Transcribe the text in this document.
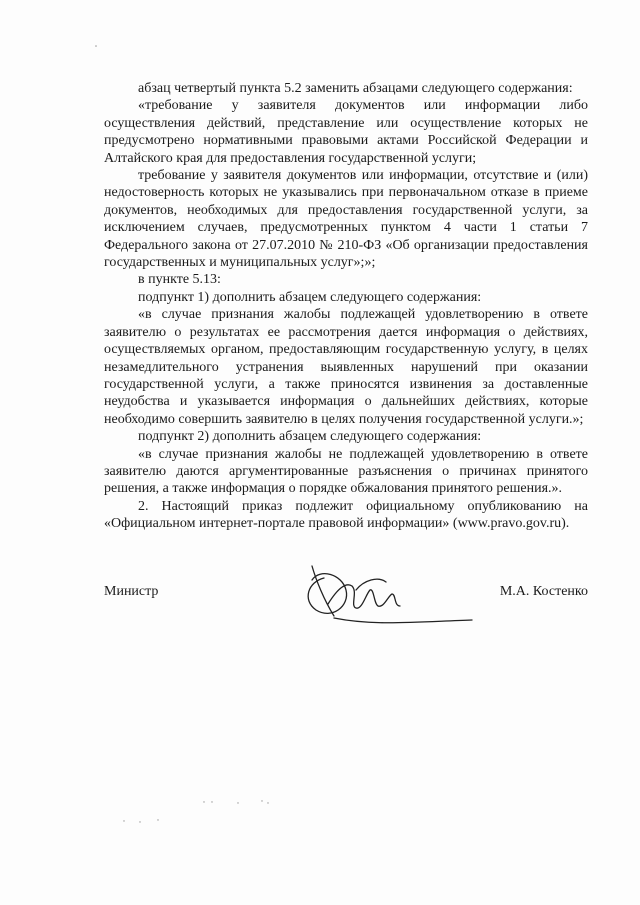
абзац четвертый пункта 5.2 заменить абзацами следующего содержания:

«требование у заявителя документов или информации либо осуществления действий, представление или осуществление которых не предусмотрено нормативными правовыми актами Российской Федерации и Алтайского края для предоставления государственной услуги;

требование у заявителя документов или информации, отсутствие и (или) недостоверность которых не указывались при первоначальном отказе в приеме документов, необходимых для предоставления государственной услуги, за исключением случаев, предусмотренных пунктом 4 части 1 статьи 7 Федерального закона от 27.07.2010 № 210-ФЗ «Об организации предоставления государственных и муниципальных услуг»;»;

в пункте 5.13:

подпункт 1) дополнить абзацем следующего содержания:

«в случае признания жалобы подлежащей удовлетворению в ответе заявителю о результатах ее рассмотрения дается информация о действиях, осуществляемых органом, предоставляющим государственную услугу, в целях незамедлительного устранения выявленных нарушений при оказании государственной услуги, а также приносятся извинения за доставленные неудобства и указывается информация о дальнейших действиях, которые необходимо совершить заявителю в целях получения государственной услуги.»;

подпункт 2) дополнить абзацем следующего содержания:

«в случае признания жалобы не подлежащей удовлетворению в ответе заявителю даются аргументированные разъяснения о причинах принятого решения, а также информация о порядке обжалования принятого решения.».

2. Настоящий приказ подлежит официальному опубликованию на «Официальном интернет-портале правовой информации» (www.pravo.gov.ru).

Министр	М.А. Костенко
